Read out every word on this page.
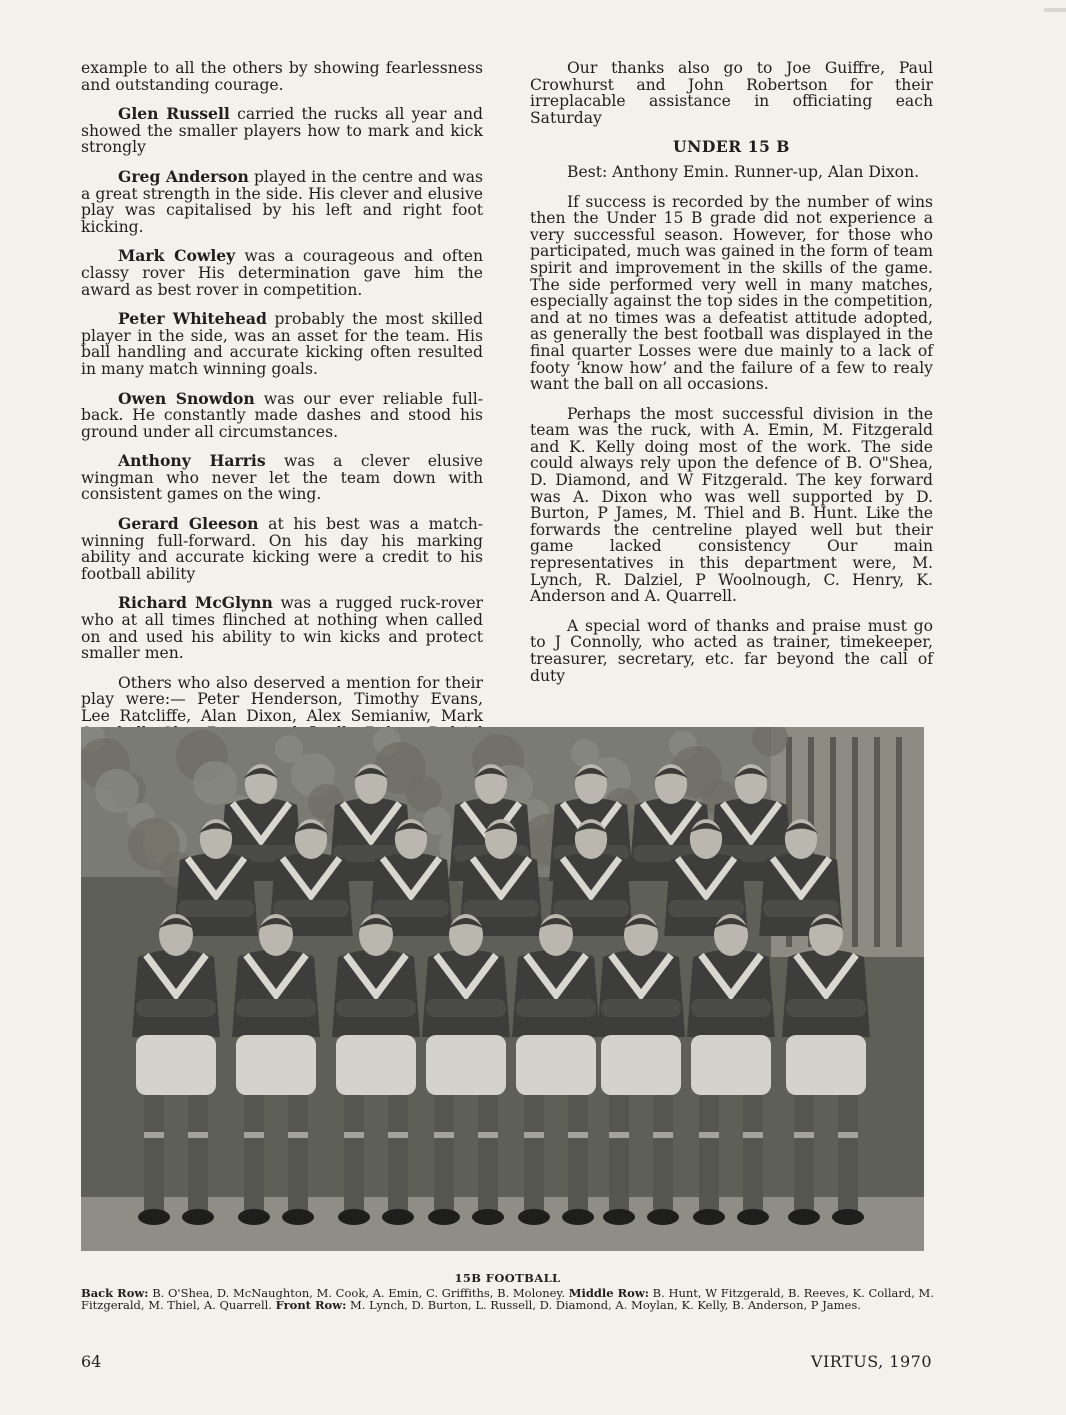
example to all the others by showing fearlessness and outstanding courage.

Glen Russell carried the rucks all year and showed the smaller players how to mark and kick strongly

Greg Anderson played in the centre and was a great strength in the side. His clever and elusive play was capitalised by his left and right foot kicking.

Mark Cowley was a courageous and often classy rover His determination gave him the award as best rover in competition.

Peter Whitehead probably the most skilled player in the side, was an asset for the team. His ball handling and accurate kicking often resulted in many match winning goals.

Owen Snowdon was our ever reliable full-back. He constantly made dashes and stood his ground under all circumstances.

Anthony Harris was a clever elusive wingman who never let the team down with consistent games on the wing.

Gerard Gleeson at his best was a match-winning full-forward. On his day his marking ability and accurate kicking were a credit to his football ability

Richard McGlynn was a rugged ruck-rover who at all times flinched at nothing when called on and used his ability to win kicks and protect smaller men.

Others who also deserved a mention for their play were:— Peter Henderson, Timothy Evans, Lee Ratcliffe, Alan Dixon, Alex Semianiw, Mark

Our thanks also go to Joe Guiffre, Paul Crowhurst and John Robertson for their irreplacable assistance in officiating each Saturday

UNDER 15 B

Best: Anthony Emin. Runner-up, Alan Dixon.

If success is recorded by the number of wins then the Under 15 B grade did not experience a very successful season. However, for those who participated, much was gained in the form of team spirit and improvement in the skills of the game. The side performed very well in many matches, especially against the top sides in the competition, and at no times was a defeatist attitude adopted, as generally the best football was displayed in the final quarter Losses were due mainly to a lack of footy ‘know how’ and the failure of a few to realy want the ball on all occasions.

Perhaps the most successful division in the team was the ruck, with A. Emin, M. Fitzgerald and K. Kelly doing most of the work. The side could always rely upon the defence of B. O"Shea, D. Diamond, and W Fitzgerald. The key forward was A. Dixon who was well supported by D. Burton, P James, M. Thiel and B. Hunt. Like the forwards the centreline played well but their game lacked consistency Our main representatives in this department were, M. Lynch, R. Dalziel, P Woolnough, C. Henry, K. Anderson and A. Quarrell.

A special word of thanks and praise must go to J Connolly, who acted as trainer, timekeeper, treasurer, secretary, etc. far beyond the call of duty

15B FOOTBALL
Back Row: B. O'Shea, D. McNaughton, M. Cook, A. Emin, C. Griffiths, B. Moloney. Middle Row: B. Hunt, W Fitzgerald, B. Reeves, K. Collard, M. Fitzgerald, M. Thiel, A. Quarrell. Front Row: M. Lynch, D. Burton, L. Russell, D. Diamond, A. Moylan, K. Kelly, B. Anderson, P James.
64	VIRTUS, 1970
